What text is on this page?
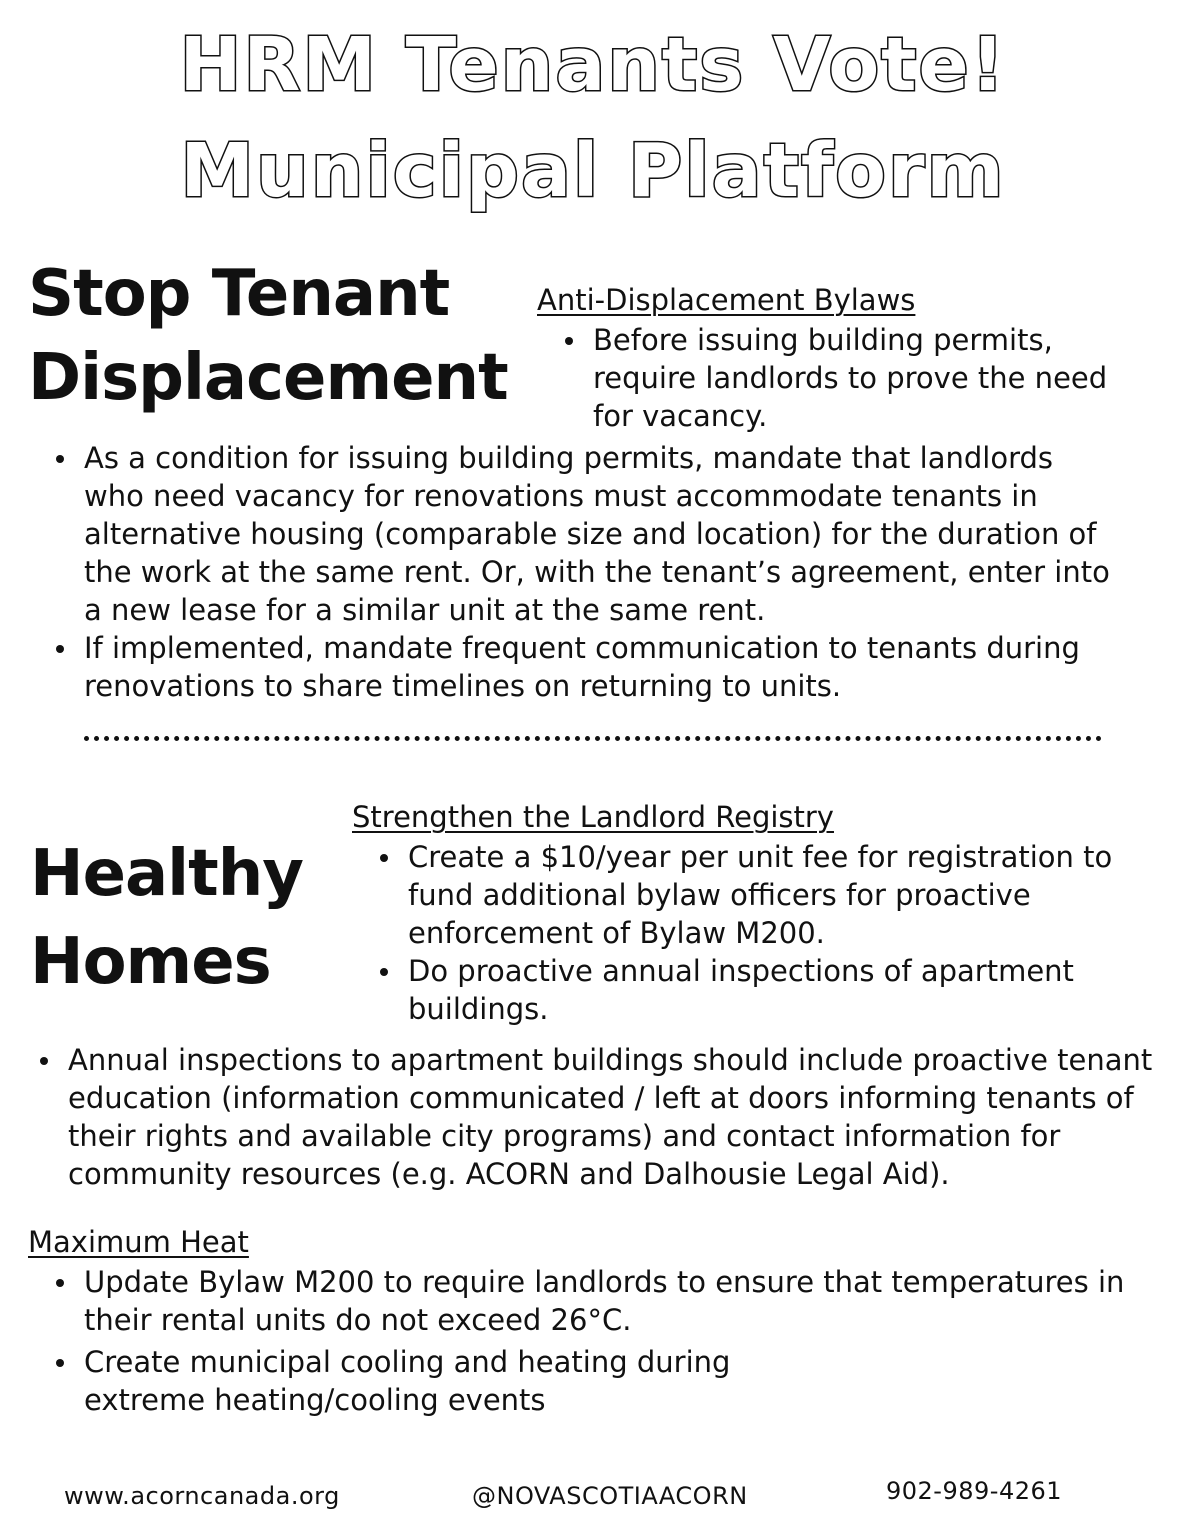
HRM Tenants Vote!
Municipal Platform
Stop Tenant
Displacement
Anti-Displacement Bylaws
Before issuing building permits, require landlords to prove the need for vacancy.
As a condition for issuing building permits, mandate that landlords who need vacancy for renovations must accommodate tenants in alternative housing (comparable size and location) for the duration of the work at the same rent. Or, with the tenant’s agreement, enter into a new lease for a similar unit at the same rent.
If implemented, mandate frequent communication to tenants during renovations to share timelines on returning to units.
Strengthen the Landlord Registry
Healthy
Homes
Create a $10/year per unit fee for registration to fund additional bylaw officers for proactive enforcement of Bylaw M200.
Do proactive annual inspections of apartment buildings.
Annual inspections to apartment buildings should include proactive tenant education (information communicated / left at doors informing tenants of their rights and available city programs) and contact information for community resources (e.g. ACORN and Dalhousie Legal Aid).
Maximum Heat
Update Bylaw M200 to require landlords to ensure that temperatures in their rental units do not exceed 26°C.
Create municipal cooling and heating during extreme heating/cooling events
www.acorncanada.org	@NOVASCOTIAACORN	902-989-4261
